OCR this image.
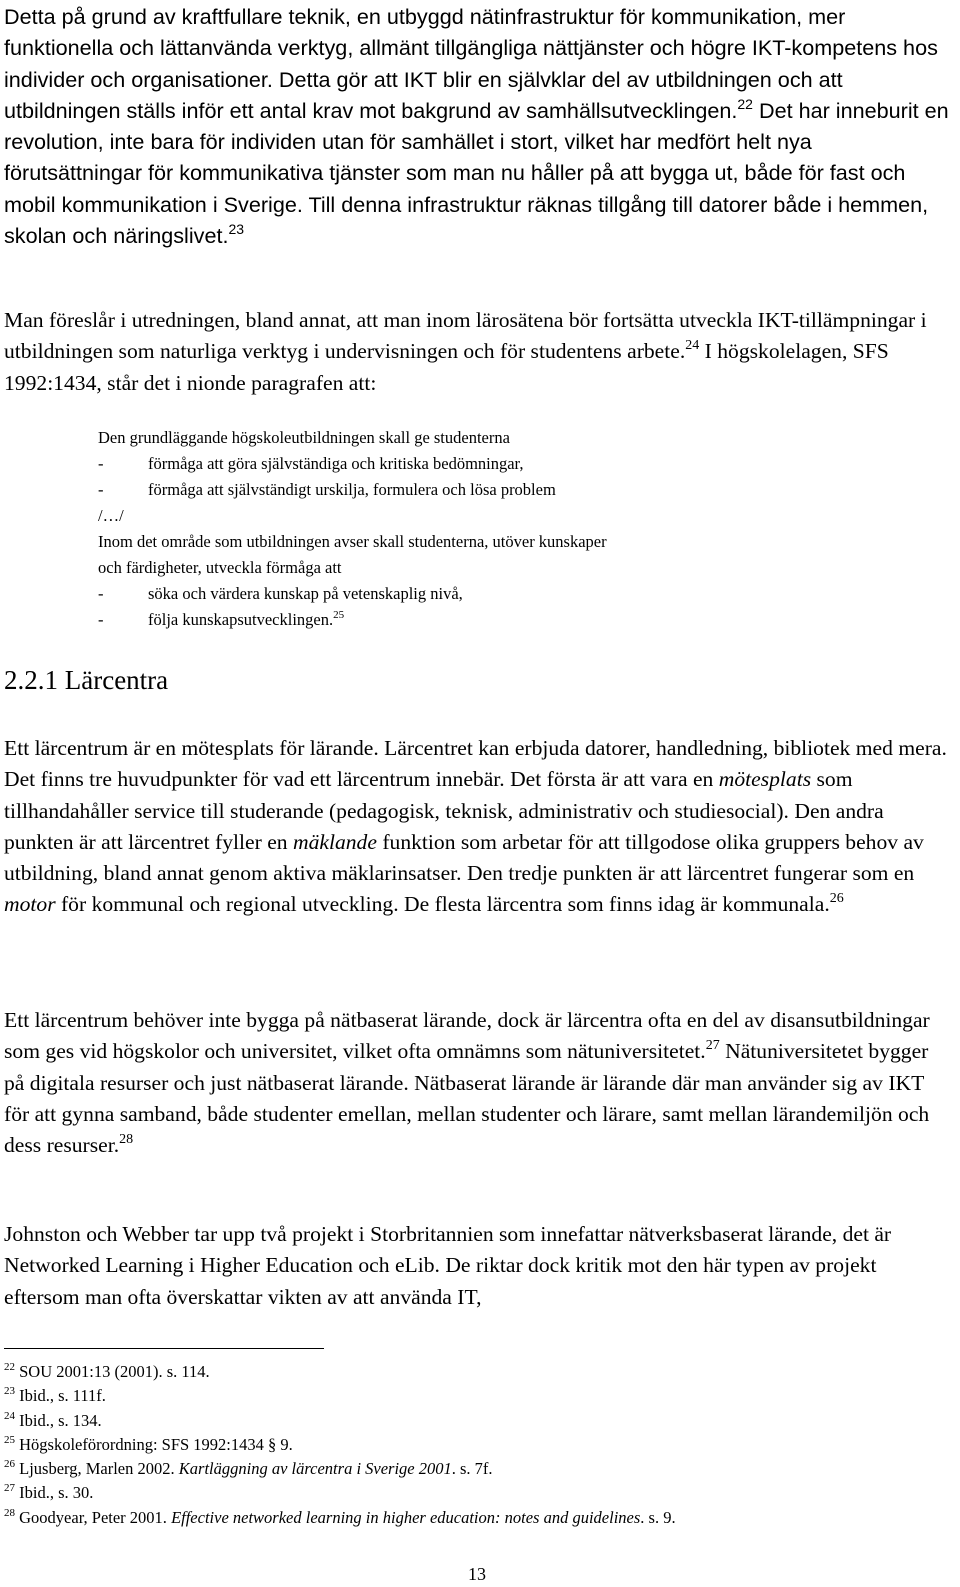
Detta på grund av kraftfullare teknik, en utbyggd nätinfrastruktur för kommunikation, mer funktionella och lättanvända verktyg, allmänt tillgängliga nättjänster och högre IKT-kompetens hos individer och organisationer. Detta gör att IKT blir en självklar del av utbildningen och att utbildningen ställs inför ett antal krav mot bakgrund av samhällsutvecklingen.$^{22}$ Det har inneburit en revolution, inte bara för individen utan för samhället i stort, vilket har medfört helt nya förutsättningar för kommunikativa tjänster som man nu håller på att bygga ut, både för fast och mobil kommunikation i Sverige. Till denna infrastruktur räknas tillgång till datorer både i hemmen, skolan och näringslivet.$^{23}$

Man föreslår i utredningen, bland annat, att man inom lärosätena bör fortsätta utveckla IKT-tillämpningar i utbildningen som naturliga verktyg i undervisningen och för studentens arbete.$^{24}$ I högskolelagen, SFS 1992:1434, står det i nionde paragrafen att:

Den grundläggande högskoleutbildningen skall ge studenterna
-	förmåga att göra självständiga och kritiska bedömningar,
-	förmåga att självständigt urskilja, formulera och lösa problem
/…/
Inom det område som utbildningen avser skall studenterna, utöver kunskaper
och färdigheter, utveckla förmåga att
-	söka och värdera kunskap på vetenskaplig nivå,
-	följa kunskapsutvecklingen.$^{25}$
2.2.1 Lärcentra

Ett lärcentrum är en mötesplats för lärande. Lärcentret kan erbjuda datorer, handledning, bibliotek med mera. Det finns tre huvudpunkter för vad ett lärcentrum innebär. Det första är att vara en mötesplats som tillhandahåller service till studerande (pedagogisk, teknisk, administrativ och studiesocial). Den andra punkten är att lärcentret fyller en mäklande funktion som arbetar för att tillgodose olika gruppers behov av utbildning, bland annat genom aktiva mäklarinsatser. Den tredje punkten är att lärcentret fungerar som en motor för kommunal och regional utveckling. De flesta lärcentra som finns idag är kommunala.$^{26}$

Ett lärcentrum behöver inte bygga på nätbaserat lärande, dock är lärcentra ofta en del av disansutbildningar som ges vid högskolor och universitet, vilket ofta omnämns som nätuniversitetet.$^{27}$ Nätuniversitetet bygger på digitala resurser och just nätbaserat lärande. Nätbaserat lärande är lärande där man använder sig av IKT för att gynna samband, både studenter emellan, mellan studenter och lärare, samt mellan lärandemiljön och dess resurser.$^{28}$

Johnston och Webber tar upp två projekt i Storbritannien som innefattar nätverksbaserat lärande, det är Networked Learning i Higher Education och eLib. De riktar dock kritik mot den här typen av projekt eftersom man ofta överskattar vikten av att använda IT,

$^{22}$ SOU 2001:13 (2001). s. 114.
$^{23}$ Ibid., s. 111f.
$^{24}$ Ibid., s. 134.
$^{25}$ Högskoleförordning: SFS 1992:1434 § 9.
$^{26}$ Ljusberg, Marlen 2002. Kartläggning av lärcentra i Sverige 2001. s. 7f.
$^{27}$ Ibid., s. 30.
$^{28}$ Goodyear, Peter 2001. Effective networked learning in higher education: notes and guidelines. s. 9.
13
